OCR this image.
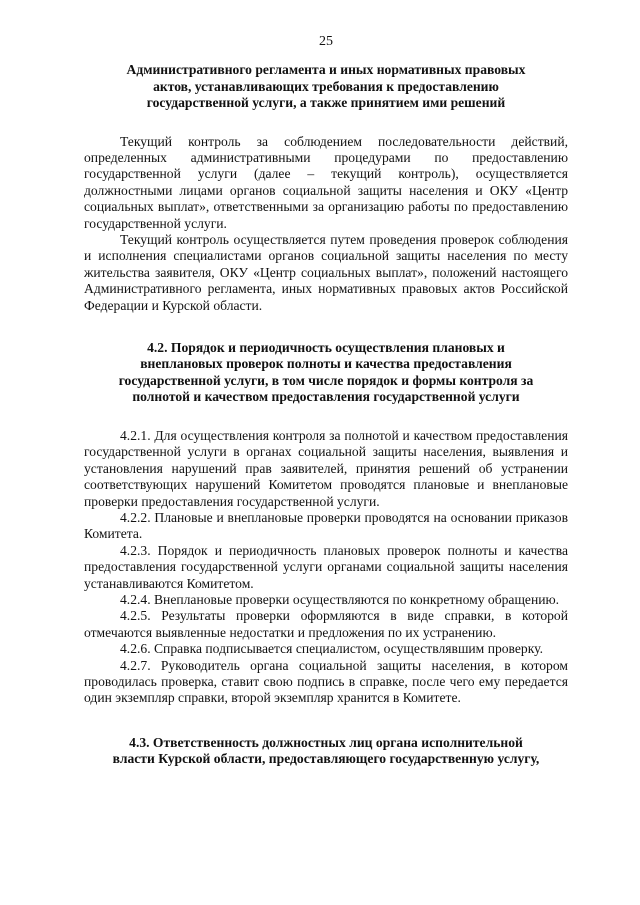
25
Административного регламента и иных нормативных правовых
актов, устанавливающих требования к предоставлению
государственной услуги, а также принятием ими решений

Текущий контроль за соблюдением последовательности действий, определенных административными процедурами по предоставлению государственной услуги (далее – текущий контроль), осуществляется должностными лицами органов социальной защиты населения и ОКУ «Центр социальных выплат», ответственными за организацию работы по предоставлению государственной услуги.

Текущий контроль осуществляется путем проведения проверок соблюдения и исполнения специалистами органов социальной защиты населения по месту жительства заявителя, ОКУ «Центр социальных выплат», положений настоящего Административного регламента, иных нормативных правовых актов Российской Федерации и Курской области.

4.2. Порядок и периодичность осуществления плановых и
внеплановых проверок полноты и качества предоставления
государственной услуги, в том числе порядок и формы контроля за
полнотой и качеством предоставления государственной услуги

4.2.1. Для осуществления контроля за полнотой и качеством предоставления государственной услуги в органах социальной защиты населения, выявления и установления нарушений прав заявителей, принятия решений об устранении соответствующих нарушений Комитетом проводятся плановые и внеплановые проверки предоставления государственной услуги.

4.2.2. Плановые и внеплановые проверки проводятся на основании приказов Комитета.

4.2.3. Порядок и периодичность плановых проверок полноты и качества предоставления государственной услуги органами социальной защиты населения устанавливаются Комитетом.

4.2.4. Внеплановые проверки осуществляются по конкретному обращению.

4.2.5. Результаты проверки оформляются в виде справки, в которой отмечаются выявленные недостатки и предложения по их устранению.

4.2.6. Справка подписывается специалистом, осуществлявшим проверку.

4.2.7. Руководитель органа социальной защиты населения, в котором проводилась проверка, ставит свою подпись в справке, после чего ему передается один экземпляр справки, второй экземпляр хранится в Комитете.

4.3. Ответственность должностных лиц органа исполнительной
власти Курской области, предоставляющего государственную услугу,
